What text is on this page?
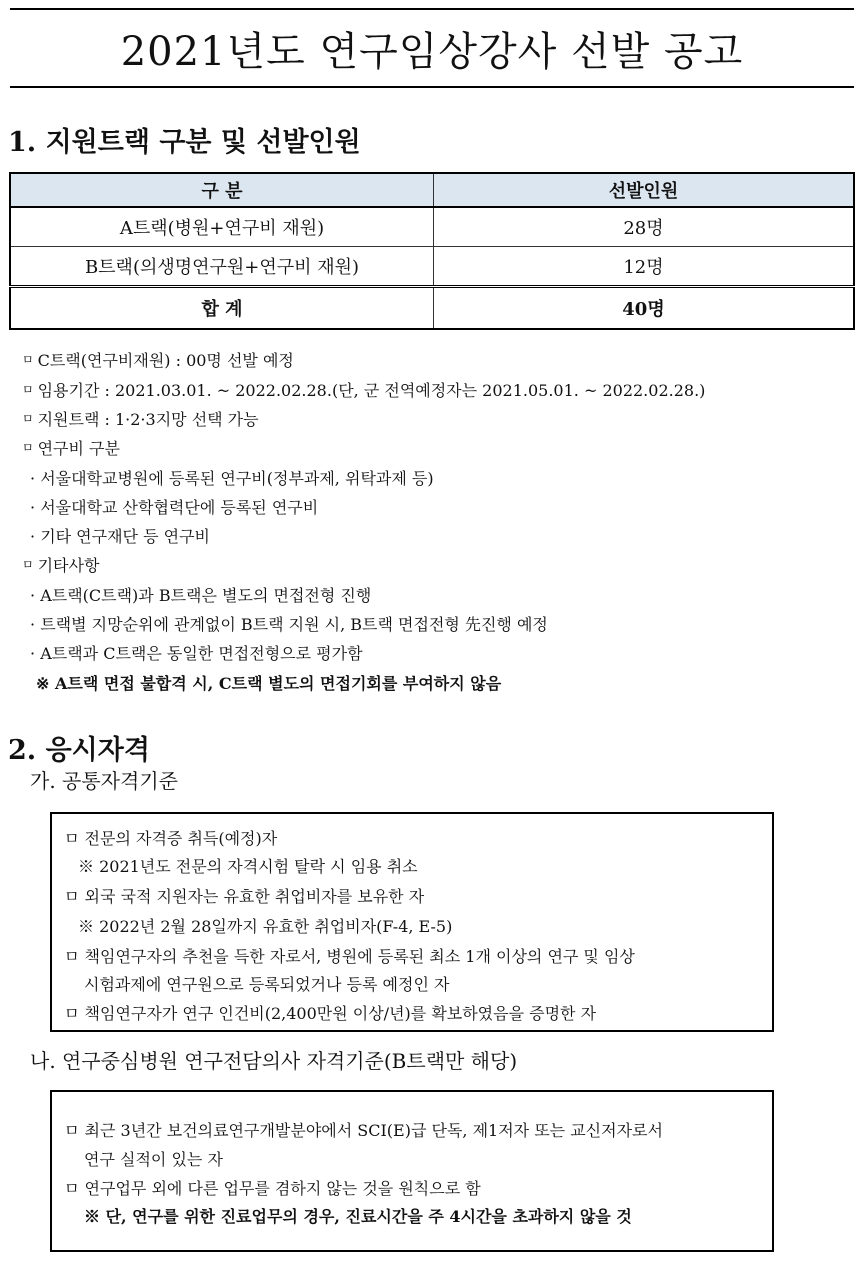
2021년도 연구임상강사 선발 공고
1. 지원트랙 구분 및 선발인원
구 분	선발인원
A트랙(병원+연구비 재원)	28명
B트랙(의생명연구원+연구비 재원)	12명
합 계	40명
ㅁ C트랙(연구비재원) : 00명 선발 예정
ㅁ 임용기간 : 2021.03.01. ~ 2022.02.28.(단, 군 전역예정자는 2021.05.01. ~ 2022.02.28.)
ㅁ 지원트랙 : 1·2·3지망 선택 가능
ㅁ 연구비 구분
· 서울대학교병원에 등록된 연구비(정부과제, 위탁과제 등)
· 서울대학교 산학협력단에 등록된 연구비
· 기타 연구재단 등 연구비
ㅁ 기타사항
· A트랙(C트랙)과 B트랙은 별도의 면접전형 진행
· 트랙별 지망순위에 관계없이 B트랙 지원 시, B트랙 면접전형 先진행 예정
· A트랙과 C트랙은 동일한 면접전형으로 평가함
※ A트랙 면접 불합격 시, C트랙 별도의 면접기회를 부여하지 않음
2. 응시자격
가. 공통자격기준
ㅁ 전문의 자격증 취득(예정)자
※ 2021년도 전문의 자격시험 탈락 시 임용 취소
ㅁ 외국 국적 지원자는 유효한 취업비자를 보유한 자
※ 2022년 2월 28일까지 유효한 취업비자(F-4, E-5)
ㅁ 책임연구자의 추천을 득한 자로서, 병원에 등록된 최소 1개 이상의 연구 및 임상
시험과제에 연구원으로 등록되었거나 등록 예정인 자
ㅁ 책임연구자가 연구 인건비(2,400만원 이상/년)를 확보하였음을 증명한 자
나. 연구중심병원 연구전담의사 자격기준(B트랙만 해당)
ㅁ 최근 3년간 보건의료연구개발분야에서 SCI(E)급 단독, 제1저자 또는 교신저자로서
연구 실적이 있는 자
ㅁ 연구업무 외에 다른 업무를 겸하지 않는 것을 원칙으로 함
※ 단, 연구를 위한 진료업무의 경우, 진료시간을 주 4시간을 초과하지 않을 것
